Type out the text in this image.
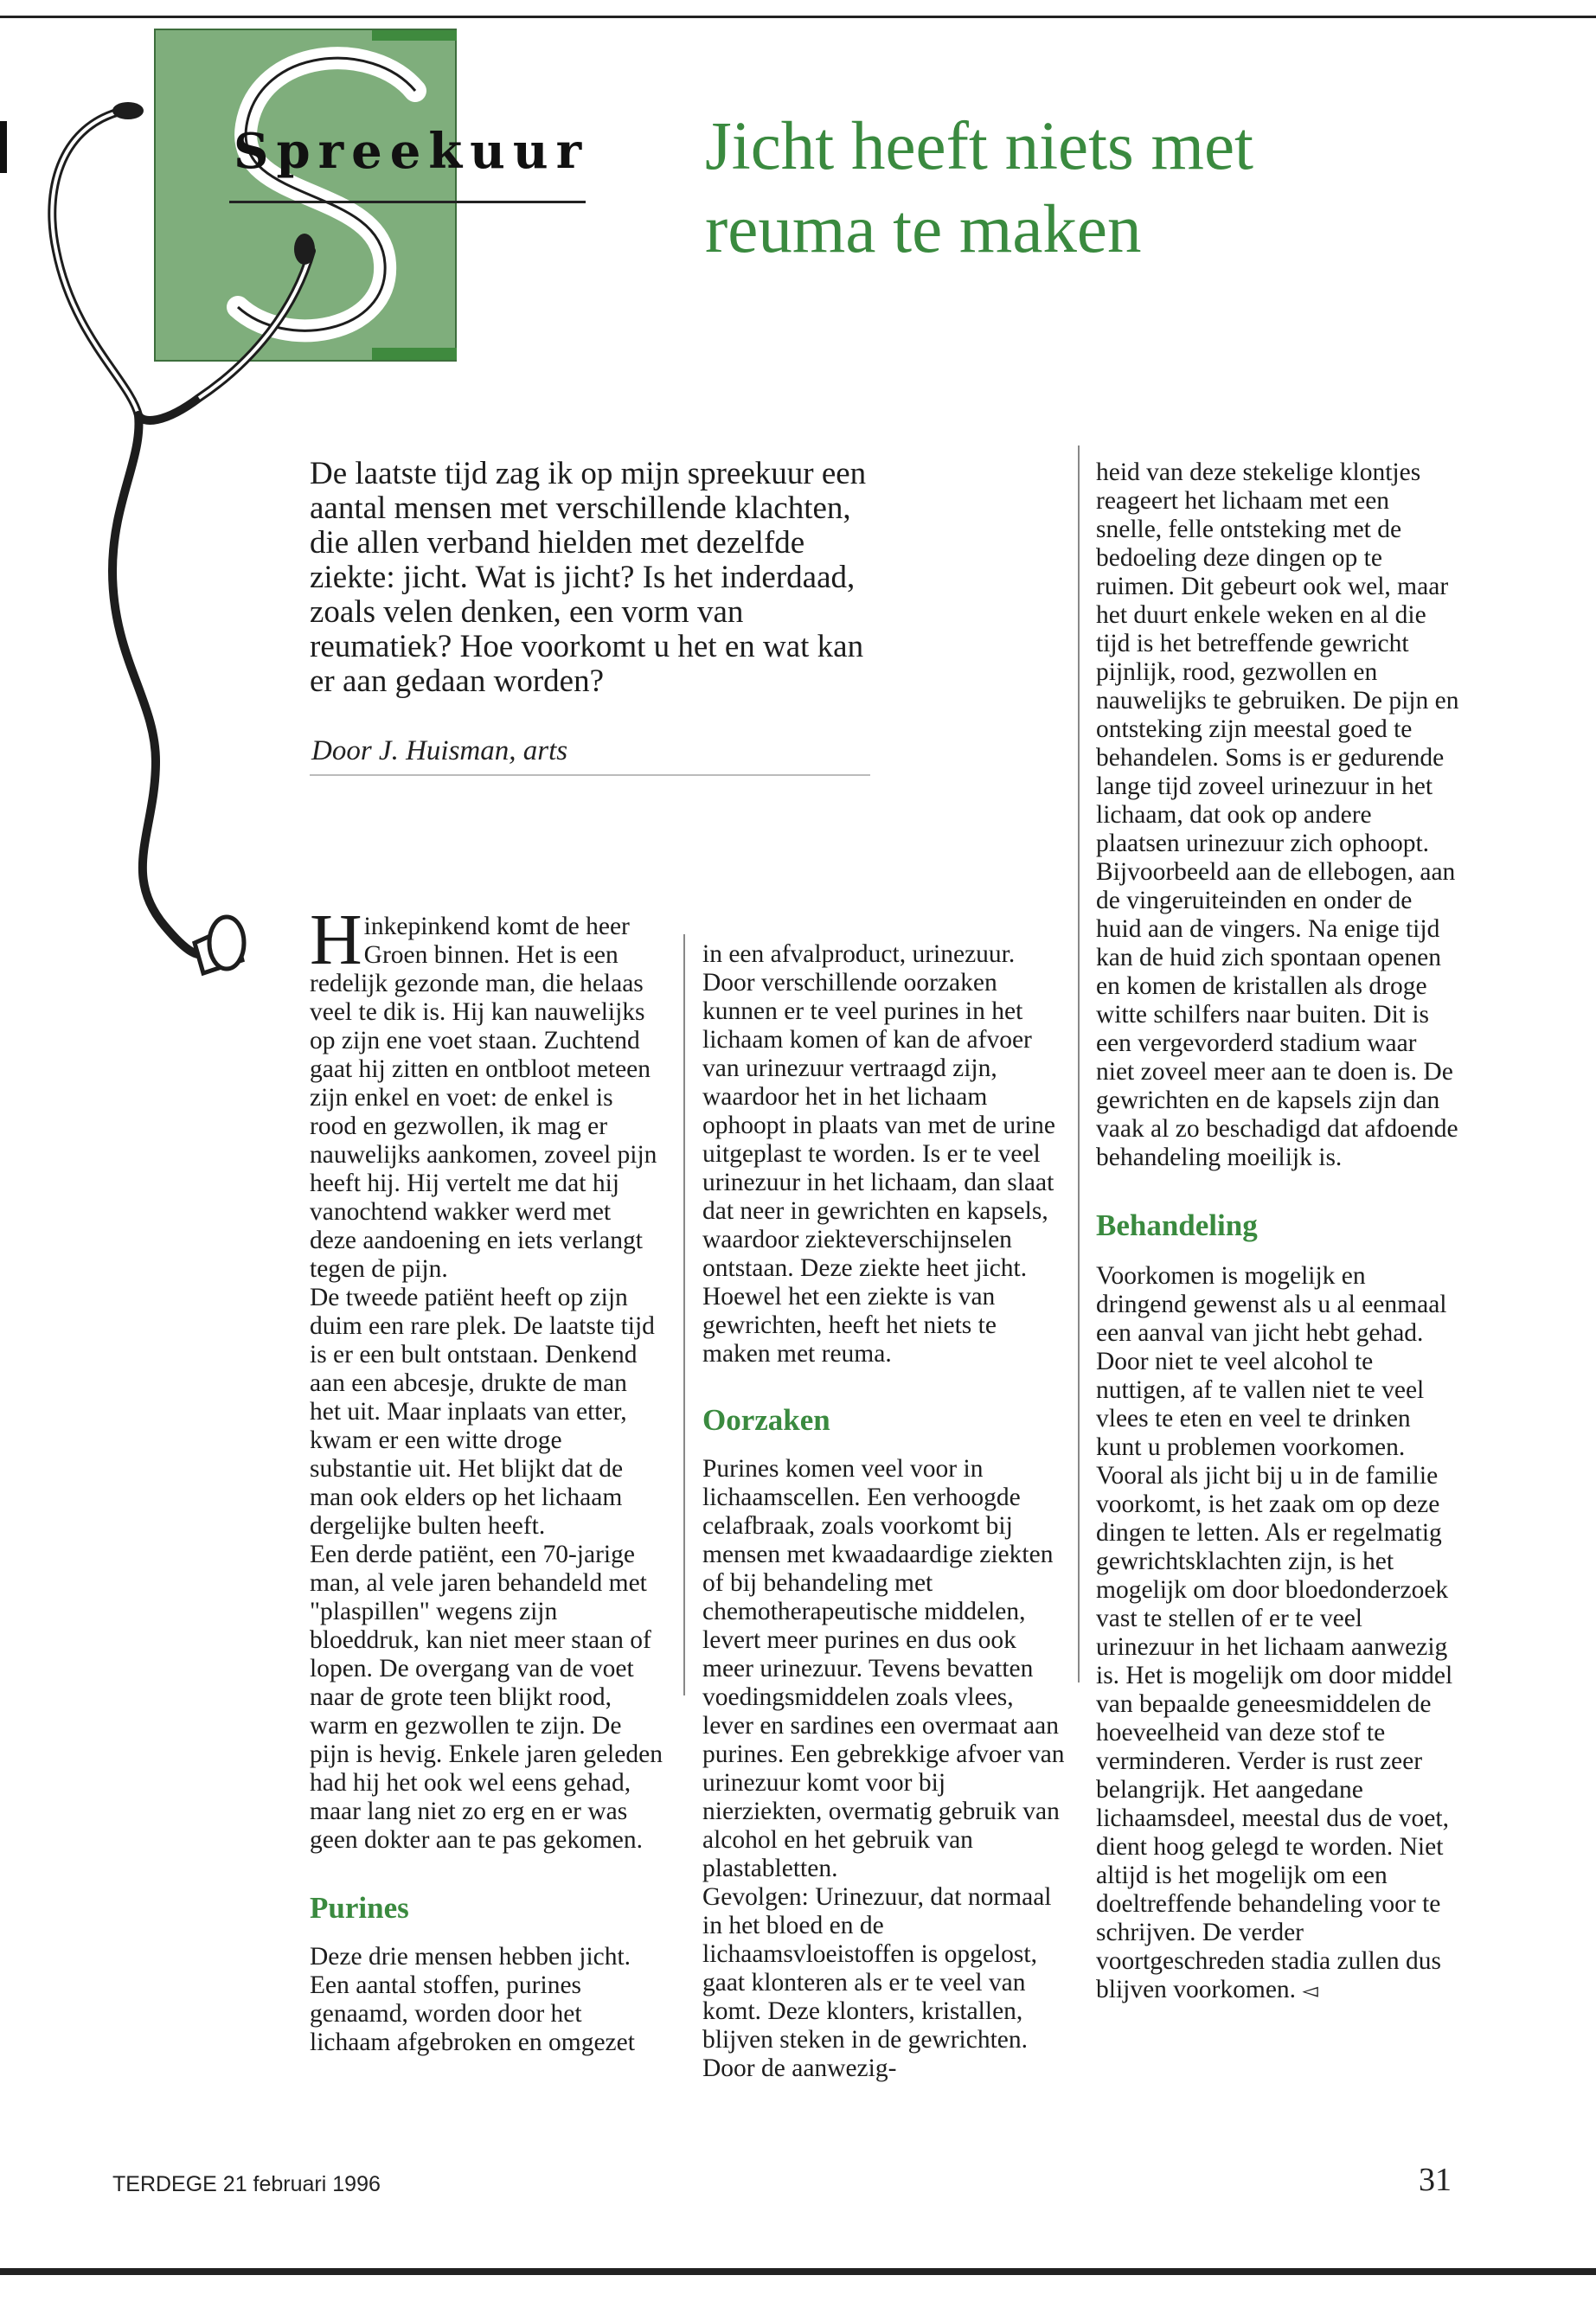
Spreekuur Jicht heeft niets met
reuma te maken

De laatste tijd zag ik op mijn spreekuur een aantal mensen met verschillende klachten, die allen verband hielden met dezelfde ziekte: jicht. Wat is jicht? Is het inderdaad, zoals velen denken, een vorm van reumatiek? Hoe voorkomt u het en wat kan er aan gedaan worden?

Door J. Huisman, arts

Hinkepinkend komt de heer Groen binnen. Het is een redelijk gezonde man, die helaas veel te dik is. Hij kan nauwelijks op zijn ene voet staan. Zuchtend gaat hij zitten en ontbloot meteen zijn enkel en voet: de enkel is rood en gezwollen, ik mag er nauwelijks aankomen, zoveel pijn heeft hij. Hij vertelt me dat hij vanochtend wakker werd met deze aandoening en iets verlangt tegen de pijn.

De tweede patiënt heeft op zijn duim een rare plek. De laatste tijd is er een bult ontstaan. Denkend aan een abcesje, drukte de man het uit. Maar inplaats van etter, kwam er een witte droge substantie uit. Het blijkt dat de man ook elders op het lichaam dergelijke bulten heeft.

Een derde patiënt, een 70-jarige man, al vele jaren behandeld met "plaspillen" wegens zijn bloeddruk, kan niet meer staan of lopen. De overgang van de voet naar de grote teen blijkt rood, warm en gezwollen te zijn. De pijn is hevig. Enkele jaren geleden had hij het ook wel eens gehad, maar lang niet zo erg en er was geen dokter aan te pas gekomen.

Purines

Deze drie mensen hebben jicht. Een aantal stoffen, purines genaamd, worden door het lichaam afgebroken en omgezet

in een afvalproduct, urinezuur. Door verschillende oorzaken kunnen er te veel purines in het lichaam komen of kan de afvoer van urinezuur vertraagd zijn, waardoor het in het lichaam ophoopt in plaats van met de urine uitgeplast te worden. Is er te veel urinezuur in het lichaam, dan slaat dat neer in gewrichten en kapsels, waardoor ziekteverschijnselen ontstaan. Deze ziekte heet jicht. Hoewel het een ziekte is van gewrichten, heeft het niets te maken met reuma.

Oorzaken

Purines komen veel voor in lichaamscellen. Een verhoogde celafbraak, zoals voorkomt bij mensen met kwaadaardige ziekten of bij behandeling met chemotherapeutische middelen, levert meer purines en dus ook meer urinezuur. Tevens bevatten voedingsmiddelen zoals vlees, lever en sardines een overmaat aan purines. Een gebrekkige afvoer van urinezuur komt voor bij nierziekten, overmatig gebruik van alcohol en het gebruik van plastabletten.

Gevolgen: Urinezuur, dat normaal in het bloed en de lichaamsvloeistoffen is opgelost, gaat klonteren als er te veel van komt. Deze klonters, kristallen, blijven steken in de gewrichten. Door de aanwezig-

heid van deze stekelige klontjes reageert het lichaam met een snelle, felle ontsteking met de bedoeling deze dingen op te ruimen. Dit gebeurt ook wel, maar het duurt enkele weken en al die tijd is het betreffende gewricht pijnlijk, rood, gezwollen en nauwelijks te gebruiken. De pijn en ontsteking zijn meestal goed te behandelen. Soms is er gedurende lange tijd zoveel urinezuur in het lichaam, dat ook op andere plaatsen urinezuur zich ophoopt. Bijvoorbeeld aan de ellebogen, aan de vingeruiteinden en onder de huid aan de vingers. Na enige tijd kan de huid zich spontaan openen en komen de kristallen als droge witte schilfers naar buiten. Dit is een vergevorderd stadium waar niet zoveel meer aan te doen is. De gewrichten en de kapsels zijn dan vaak al zo beschadigd dat afdoende behandeling moeilijk is.

Behandeling

Voorkomen is mogelijk en dringend gewenst als u al eenmaal een aanval van jicht hebt gehad. Door niet te veel alcohol te nuttigen, af te vallen niet te veel vlees te eten en veel te drinken kunt u problemen voorkomen. Vooral als jicht bij u in de familie voorkomt, is het zaak om op deze dingen te letten. Als er regelmatig gewrichtsklachten zijn, is het mogelijk om door bloedonderzoek vast te stellen of er te veel urinezuur in het lichaam aanwezig is. Het is mogelijk om door middel van bepaalde geneesmiddelen de hoeveelheid van deze stof te verminderen. Verder is rust zeer belangrijk. Het aangedane lichaamsdeel, meestal dus de voet, dient hoog gelegd te worden. Niet altijd is het mogelijk om een doeltreffende behandeling voor te schrijven. De verder voortgeschreden stadia zullen dus blijven voorkomen. ◅

TERDEGE 21 februari 1996	31
